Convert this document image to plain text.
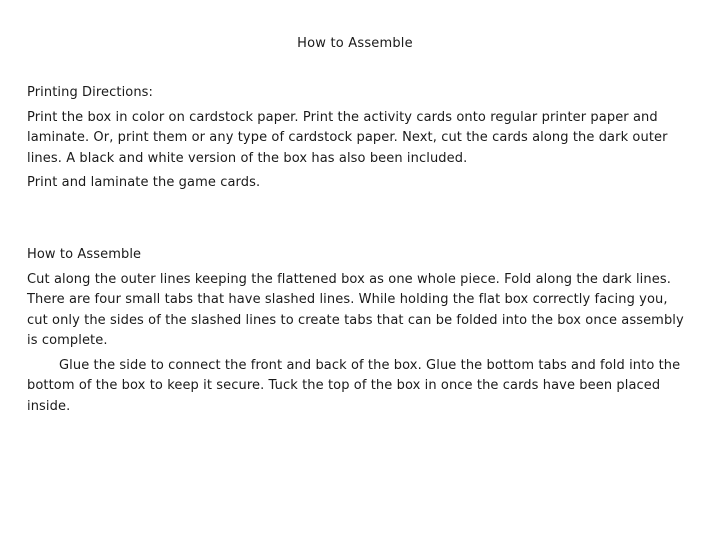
How to Assemble

Printing Directions:

Print the box in color on cardstock paper. Print the activity cards onto regular printer paper and laminate. Or, print them or any type of cardstock paper. Next, cut the cards along the dark outer lines. A black and white version of the box has also been included.

Print and laminate the game cards.

How to Assemble

Cut along the outer lines keeping the flattened box as one whole piece. Fold along the dark lines. There are four small tabs that have slashed lines. While holding the flat box correctly facing you, cut only the sides of the slashed lines to create tabs that can be folded into the box once assembly is complete.

Glue the side to connect the front and back of the box. Glue the bottom tabs and fold into the bottom of the box to keep it secure. Tuck the top of the box in once the cards have been placed inside.
